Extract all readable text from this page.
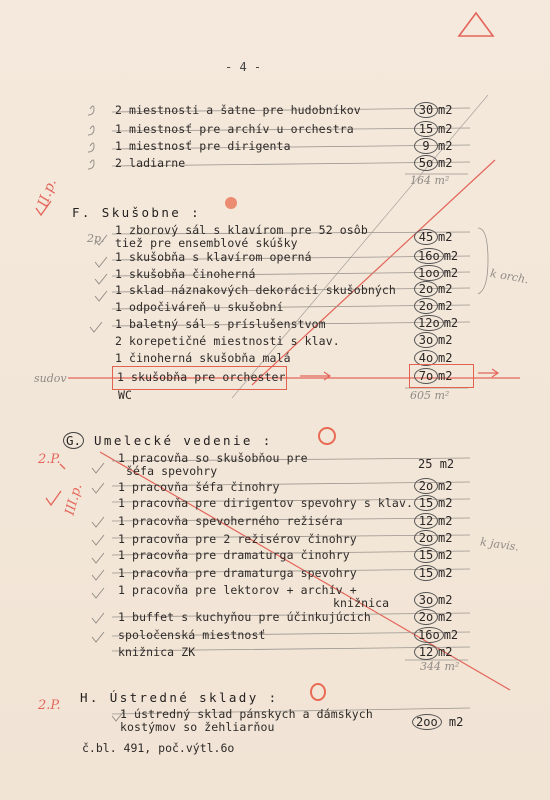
- 4 -
2 miestnosti a šatne pre hudobníkov	30 m2
1 miestnosť pre archív u orchestra	15 m2
1 miestnosť pre dirigenta	9 m2
2 ladiarne	5o m2
164 m²
II.p.
F. Skušobne :
2p.
1 zborový sál s klavírom pre 52 osôb
tiež pre ensemblové skúšky	45 m2
1 skušobňa s klavírom operná	16o m2
1 skušobňa činoherná	1oo m2
1 sklad náznakových dekorácií skušobných	2o m2
1 odpočiváreň u skušobní	2o m2
1 baletný sál s príslušenstvom	12o m2
2 korepetičné miestnosti s klav.	3o m2
1 činoherná skušobňa malá	4o m2
1 skušobňa pre orchester	7o m2
WC
sudov
605 m²
k orch.
G. Umelecké vedenie :
2.P.
III.p.
1 pracovňa so skušobňou pre
šéfa spevohry	25 m2
1 pracovňa šéfa činohry	2o m2
1 pracovňa pre dirigentov spevohry s klav. 15 m2
1 pracovňa spevoherného režiséra	12 m2
1 pracovňa pre 2 režisérov činohry	2o m2
1 pracovňa pre dramaturga činohry	15 m2
1 pracovňa pre dramaturga spevohry	15 m2
1 pracovňa pre lektorov + archív +
knižnica	3o m2
1 buffet s kuchyňou pre účinkujúcich	2o m2
spoločenská miestnosť	16o m2
knižnica ZK	12 m2
344 m²
k javis.
2.P.
H. Ústredné sklady :
1 ústredný sklad pánskych a dámskych
kostýmov so žehliarňou	2oo m2
č.bl. 491, poč.výtl.6o
